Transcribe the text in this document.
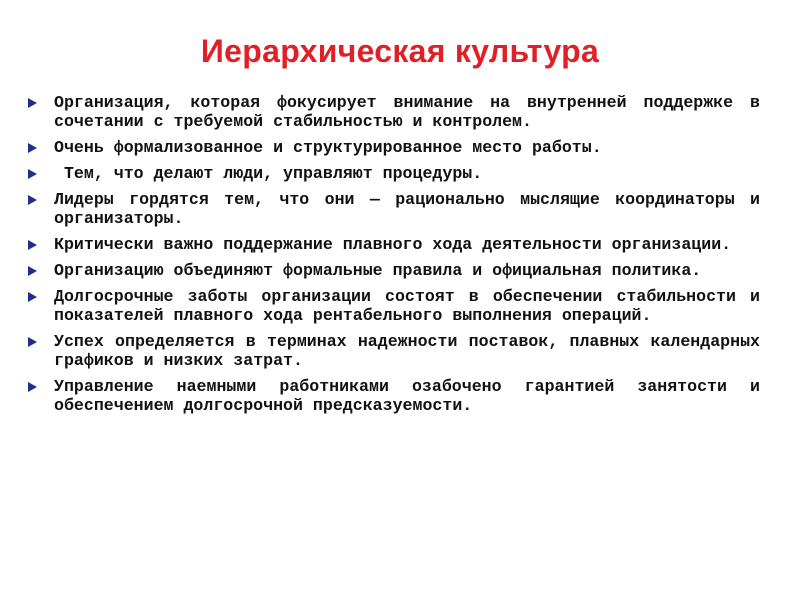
Иерархическая культура
Организация, которая фокусирует внимание на внутренней поддержке в сочетании с требуемой стабильностью и контролем.
Очень формализованное и структурированное место работы.
Тем, что делают люди, управляют процедуры.
Лидеры гордятся тем, что они — рационально мыслящие координаторы и организаторы.
Критически важно поддержание плавного хода деятельности организации.
Организацию объединяют формальные правила и официальная политика.
Долгосрочные заботы организации состоят в обеспечении стабильности и показателей плавного хода рентабельного выполнения операций.
Успех определяется в терминах надежности поставок, плавных календарных графиков и низких затрат.
Управление наемными работниками озабочено гарантией занятости и обеспечением долгосрочной предсказуемости.
